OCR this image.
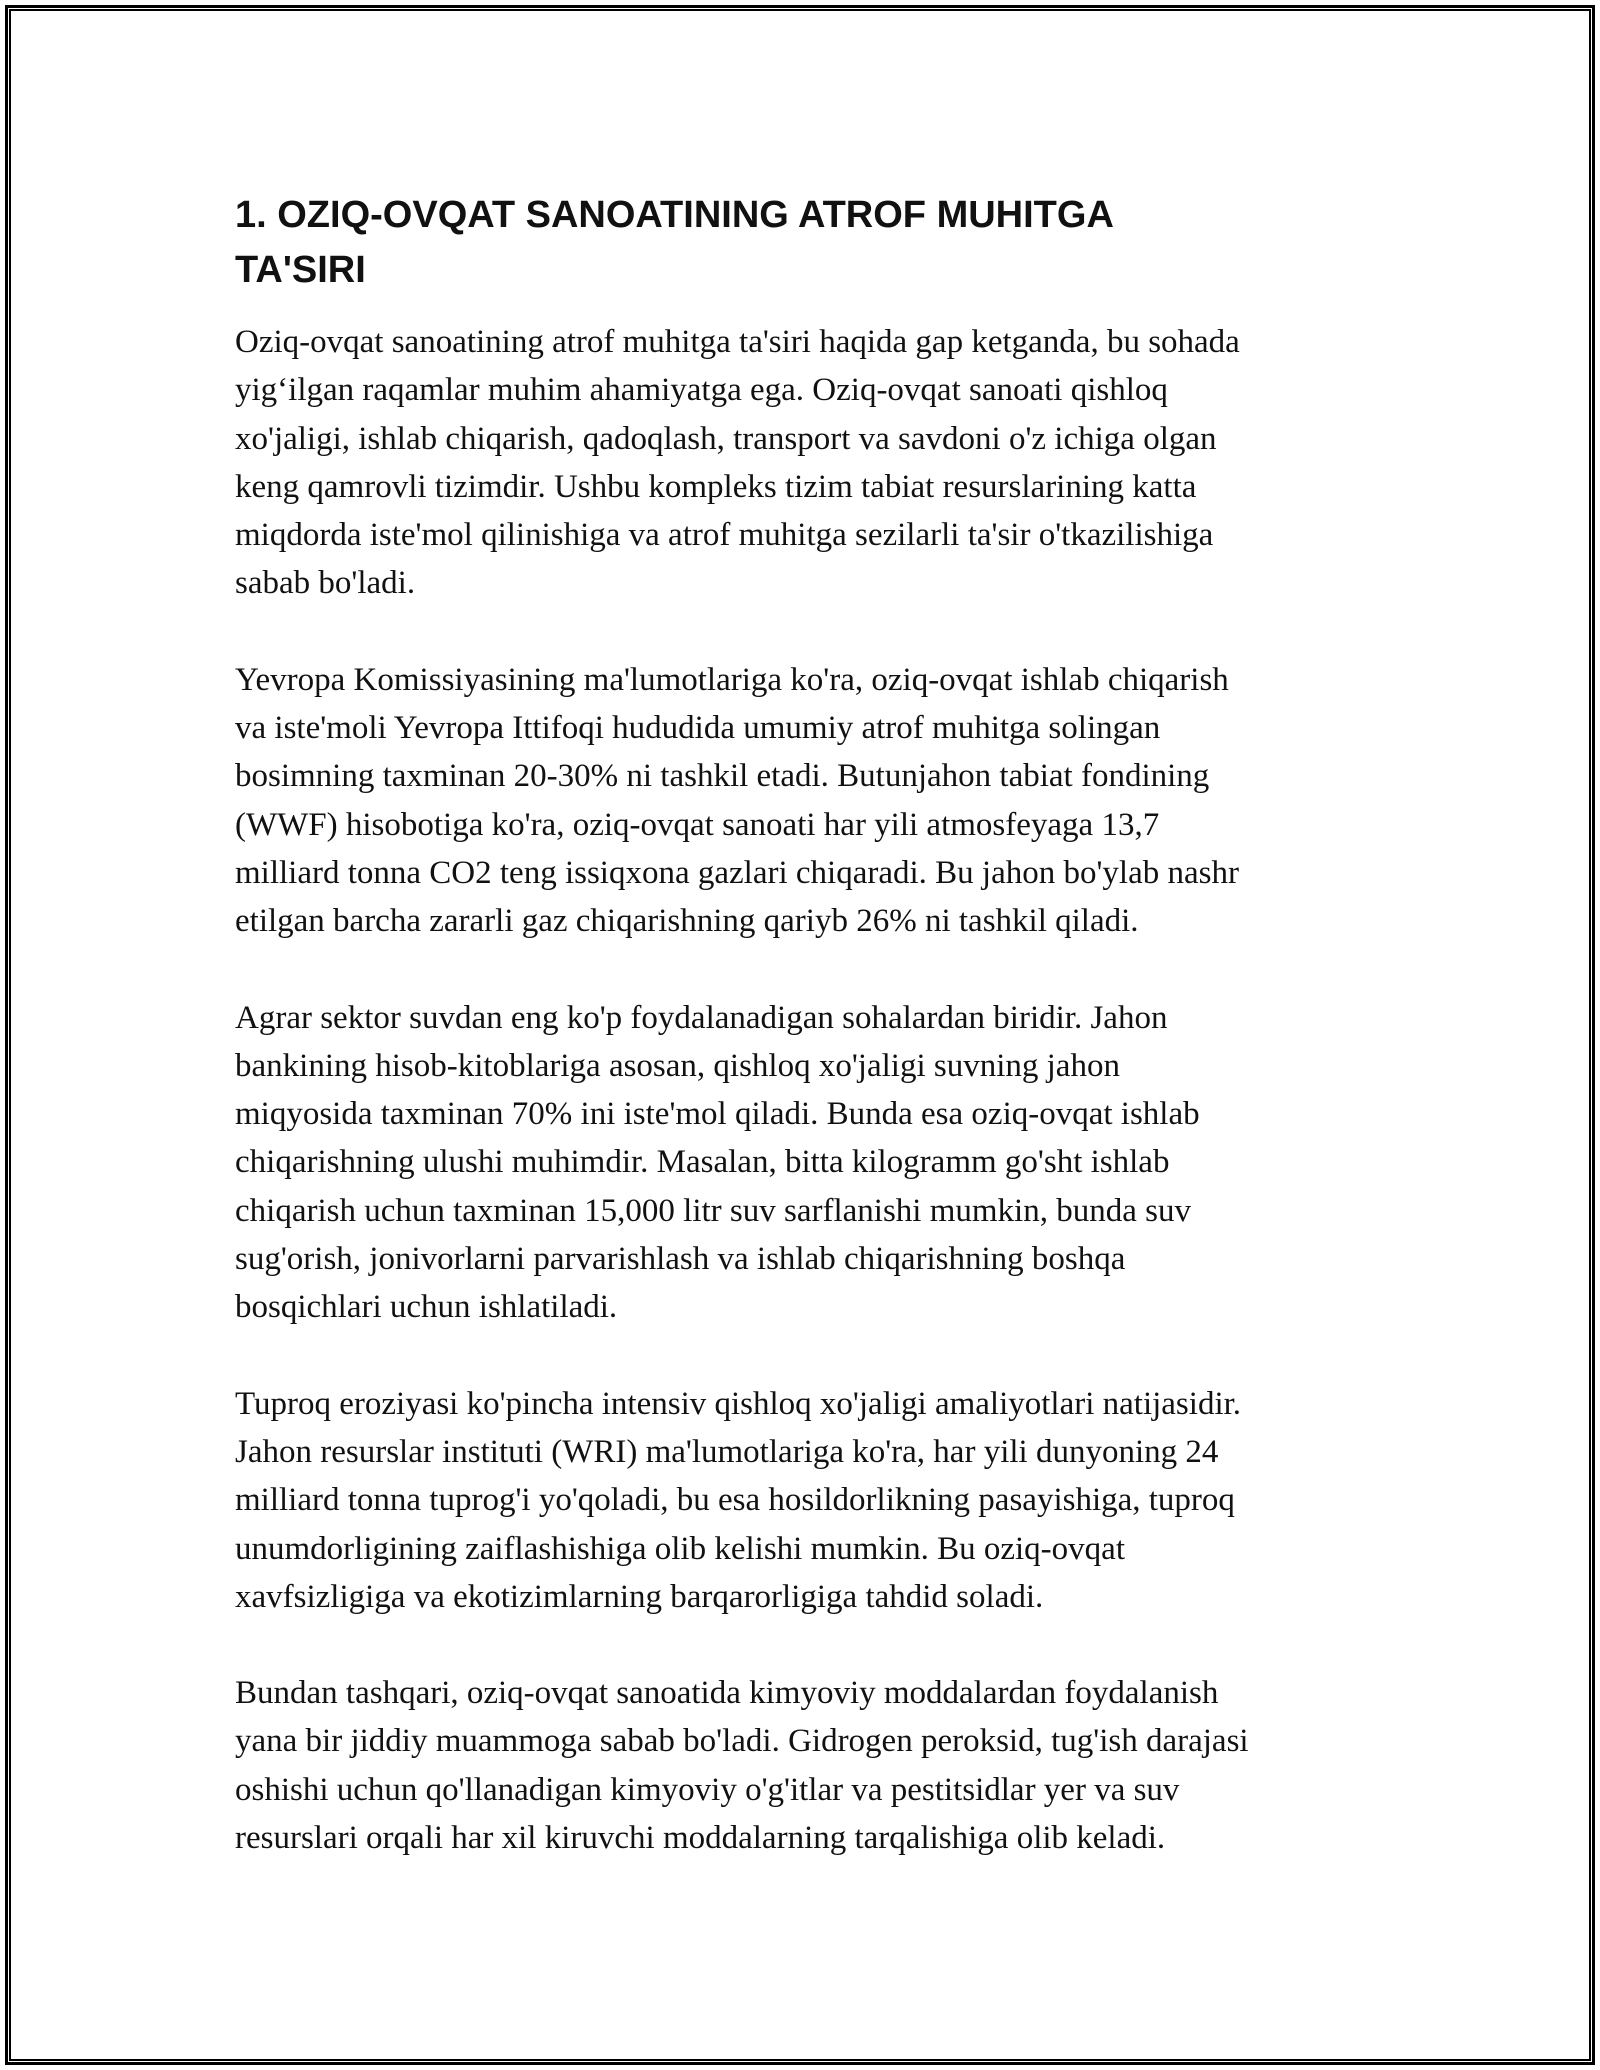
1. OZIQ-OVQAT SANOATINING ATROF MUHITGA
TA'SIRI

Oziq-ovqat sanoatining atrof muhitga ta'siri haqida gap ketganda, bu sohada
yig‘ilgan raqamlar muhim ahamiyatga ega. Oziq-ovqat sanoati qishloq
xo'jaligi, ishlab chiqarish, qadoqlash, transport va savdoni o'z ichiga olgan
keng qamrovli tizimdir. Ushbu kompleks tizim tabiat resurslarining katta
miqdorda iste'mol qilinishiga va atrof muhitga sezilarli ta'sir o'tkazilishiga
sabab bo'ladi.

Yevropa Komissiyasining ma'lumotlariga ko'ra, oziq-ovqat ishlab chiqarish
va iste'moli Yevropa Ittifoqi hududida umumiy atrof muhitga solingan
bosimning taxminan 20-30% ni tashkil etadi. Butunjahon tabiat fondining
(WWF) hisobotiga ko'ra, oziq-ovqat sanoati har yili atmosfeyaga 13,7
milliard tonna CO2 teng issiqxona gazlari chiqaradi. Bu jahon bo'ylab nashr
etilgan barcha zararli gaz chiqarishning qariyb 26% ni tashkil qiladi.

Agrar sektor suvdan eng ko'p foydalanadigan sohalardan biridir. Jahon
bankining hisob-kitoblariga asosan, qishloq xo'jaligi suvning jahon
miqyosida taxminan 70% ini iste'mol qiladi. Bunda esa oziq-ovqat ishlab
chiqarishning ulushi muhimdir. Masalan, bitta kilogramm go'sht ishlab
chiqarish uchun taxminan 15,000 litr suv sarflanishi mumkin, bunda suv
sug'orish, jonivorlarni parvarishlash va ishlab chiqarishning boshqa
bosqichlari uchun ishlatiladi.

Tuproq eroziyasi ko'pincha intensiv qishloq xo'jaligi amaliyotlari natijasidir.
Jahon resurslar instituti (WRI) ma'lumotlariga ko'ra, har yili dunyoning 24
milliard tonna tuprog'i yo'qoladi, bu esa hosildorlikning pasayishiga, tuproq
unumdorligining zaiflashishiga olib kelishi mumkin. Bu oziq-ovqat
xavfsizligiga va ekotizimlarning barqarorligiga tahdid soladi.

Bundan tashqari, oziq-ovqat sanoatida kimyoviy moddalardan foydalanish
yana bir jiddiy muammoga sabab bo'ladi. Gidrogen peroksid, tug'ish darajasi
oshishi uchun qo'llanadigan kimyoviy o'g'itlar va pestitsidlar yer va suv
resurslari orqali har xil kiruvchi moddalarning tarqalishiga olib keladi.
